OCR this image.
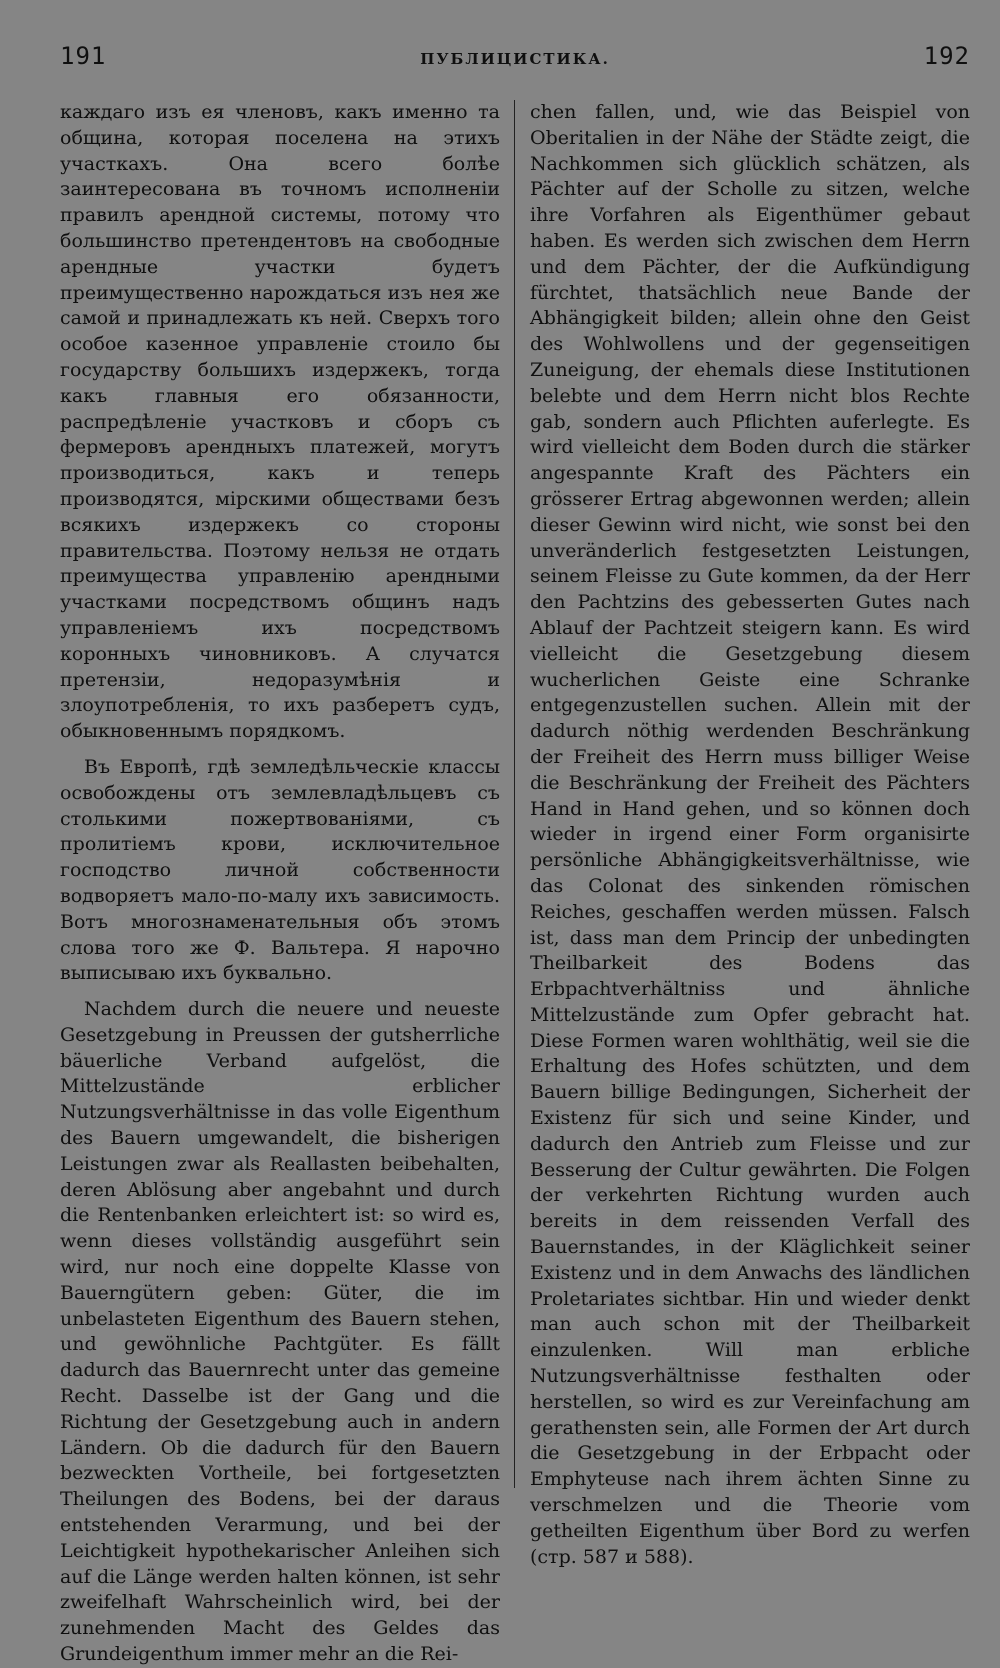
191	ПУБЛИЦИСТИКА.	192

каждаго изъ ея членовъ, какъ именно та община, которая поселена на этихъ участкахъ. Она всего болѣе заинтересована въ точномъ исполненіи правилъ арендной системы, потому что большинство претендентовъ на свободные арендные участки будетъ преимущественно нарождаться изъ нея же самой и принадлежать къ ней. Сверхъ того особое казенное управленіе стоило бы государству большихъ издержекъ, тогда какъ главныя его обязанности, распредѣленіе участковъ и сборъ съ фермеровъ арендныхъ платежей, могутъ производиться, какъ и теперь производятся, мірскими обществами безъ всякихъ издержекъ со стороны правительства. Поэтому нельзя не отдать преимущества управленію арендными участками посредствомъ общинъ надъ управленіемъ ихъ посредствомъ коронныхъ чиновниковъ. А случатся претензіи, недоразумѣнія и злоупотребленія, то ихъ разберетъ судъ, обыкновеннымъ порядкомъ.

Въ Европѣ, гдѣ земледѣльческіе классы освобождены отъ землевладѣльцевъ съ столькими пожертвованіями, съ пролитіемъ крови, исключительное господство личной собственности водворяетъ мало-по-малу ихъ зависимость. Вотъ многознаменательныя объ этомъ слова того же Ф. Вальтера. Я нарочно выписываю ихъ буквально.

Nachdem durch die neuere und neueste Gesetzgebung in Preussen der gutsherrliche bäuerliche Verband aufgelöst, die Mittelzustände erblicher Nutzungsverhältnisse in das volle Eigenthum des Bauern umgewandelt, die bisherigen Leistungen zwar als Reallasten beibehalten, deren Ablösung aber angebahnt und durch die Rentenbanken erleichtert ist: so wird es, wenn dieses vollständig ausgeführt sein wird, nur noch eine doppelte Klasse von Bauerngütern geben: Güter, die im unbelasteten Eigenthum des Bauern stehen, und gewöhnliche Pachtgüter. Es fällt dadurch das Bauernrecht unter das gemeine Recht. Dasselbe ist der Gang und die Richtung der Gesetzgebung auch in andern Ländern. Ob die dadurch für den Bauern bezweckten Vortheile, bei fortgesetzten Theilungen des Bodens, bei der daraus entstehenden Verarmung, und bei der Leichtigkeit hypothekarischer Anleihen sich auf die Länge werden halten können, ist sehr zweifelhaft Wahrscheinlich wird, bei der zunehmenden Macht des Geldes das Grundeigenthum immer mehr an die Rei-

chen fallen, und, wie das Beispiel von Oberitalien in der Nähe der Städte zeigt, die Nachkommen sich glücklich schätzen, als Pächter auf der Scholle zu sitzen, welche ihre Vorfahren als Eigenthümer gebaut haben. Es werden sich zwischen dem Herrn und dem Pächter, der die Aufkündigung fürchtet, thatsächlich neue Bande der Abhängigkeit bilden; allein ohne den Geist des Wohlwollens und der gegenseitigen Zuneigung, der ehemals diese Institutionen belebte und dem Herrn nicht blos Rechte gab, sondern auch Pflichten auferlegte. Es wird vielleicht dem Boden durch die stärker angespannte Kraft des Pächters ein grösserer Ertrag abgewonnen werden; allein dieser Gewinn wird nicht, wie sonst bei den unveränderlich festgesetzten Leistungen, seinem Fleisse zu Gute kommen, da der Herr den Pachtzins des gebesserten Gutes nach Ablauf der Pachtzeit steigern kann. Es wird vielleicht die Gesetzgebung diesem wucherlichen Geiste eine Schranke entgegenzustellen suchen. Allein mit der dadurch nöthig werdenden Beschränkung der Freiheit des Herrn muss billiger Weise die Beschränkung der Freiheit des Pächters Hand in Hand gehen, und so können doch wieder in irgend einer Form organisirte persönliche Abhängigkeitsverhältnisse, wie das Colonat des sinkenden römischen Reiches, geschaffen werden müssen. Falsch ist, dass man dem Princip der unbedingten Theilbarkeit des Bodens das Erbpachtverhältniss und ähnliche Mittelzustände zum Opfer gebracht hat. Diese Formen waren wohlthätig, weil sie die Erhaltung des Hofes schützten, und dem Bauern billige Bedingungen, Sicherheit der Existenz für sich und seine Kinder, und dadurch den Antrieb zum Fleisse und zur Besserung der Cultur gewährten. Die Folgen der verkehrten Richtung wurden auch bereits in dem reissenden Verfall des Bauernstandes, in der Kläglichkeit seiner Existenz und in dem Anwachs des ländlichen Proletariates sichtbar. Hin und wieder denkt man auch schon mit der Theilbarkeit einzulenken. Will man erbliche Nutzungsverhältnisse festhalten oder herstellen, so wird es zur Vereinfachung am gerathensten sein, alle Formen der Art durch die Gesetzgebung in der Erbpacht oder Emphyteuse nach ihrem ächten Sinne zu verschmelzen und die Theorie vom getheilten Eigenthum über Bord zu werfen (стр. 587 и 588).
